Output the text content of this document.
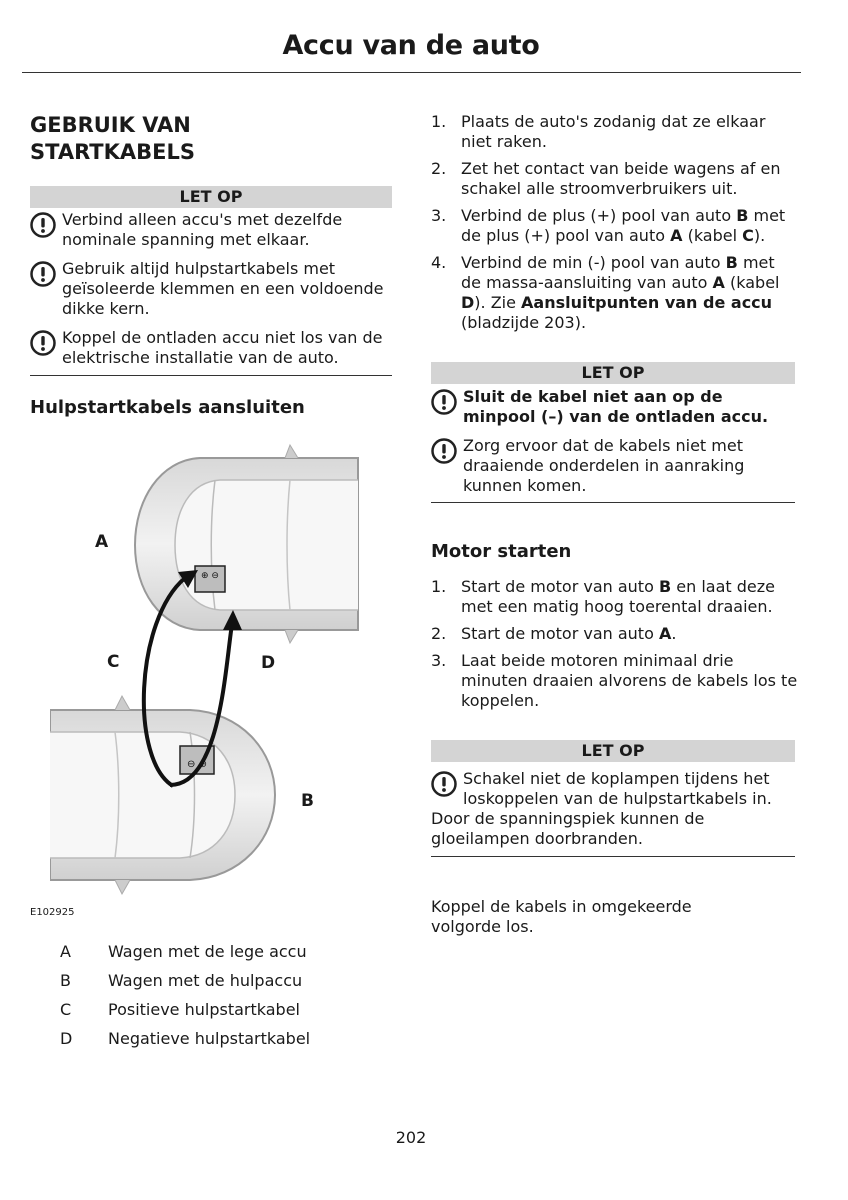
Accu van de auto
GEBRUIK VAN
STARTKABELS
LET OP
Verbind alleen accu's met dezelfde nominale spanning met elkaar.
Gebruik altijd hulpstartkabels met geïsoleerde klemmen en een voldoende dikke kern.
Koppel de ontladen accu niet los van de elektrische installatie van de auto.
Hulpstartkabels aansluiten
⊕ ⊖
⊖ ⊕
A
C	D
B
E102925
A	Wagen met de lege accu
B	Wagen met de hulpaccu
C	Positieve hulpstartkabel
D	Negatieve hulpstartkabel
1. Plaats de auto's zodanig dat ze elkaar niet raken.
2. Zet het contact van beide wagens af en schakel alle stroomverbruikers uit.
3. Verbind de plus (+) pool van auto B met de plus (+) pool van auto A (kabel C).
4. Verbind de min (-) pool van auto B met de massa-aansluiting van auto A (kabel D). Zie Aansluitpunten van de accu (bladzijde 203).
LET OP
Sluit de kabel niet aan op de minpool (–) van de ontladen accu.
Zorg ervoor dat de kabels niet met draaiende onderdelen in aanraking kunnen komen.
Motor starten
1. Start de motor van auto B en laat deze met een matig hoog toerental draaien.
2. Start de motor van auto A.
3. Laat beide motoren minimaal drie minuten draaien alvorens de kabels los te koppelen.
LET OP
Schakel niet de koplampen tijdens het loskoppelen van de hulpstartkabels in.
Door de spanningspiek kunnen de gloeilampen doorbranden.
Koppel de kabels in omgekeerde volgorde los.
202
